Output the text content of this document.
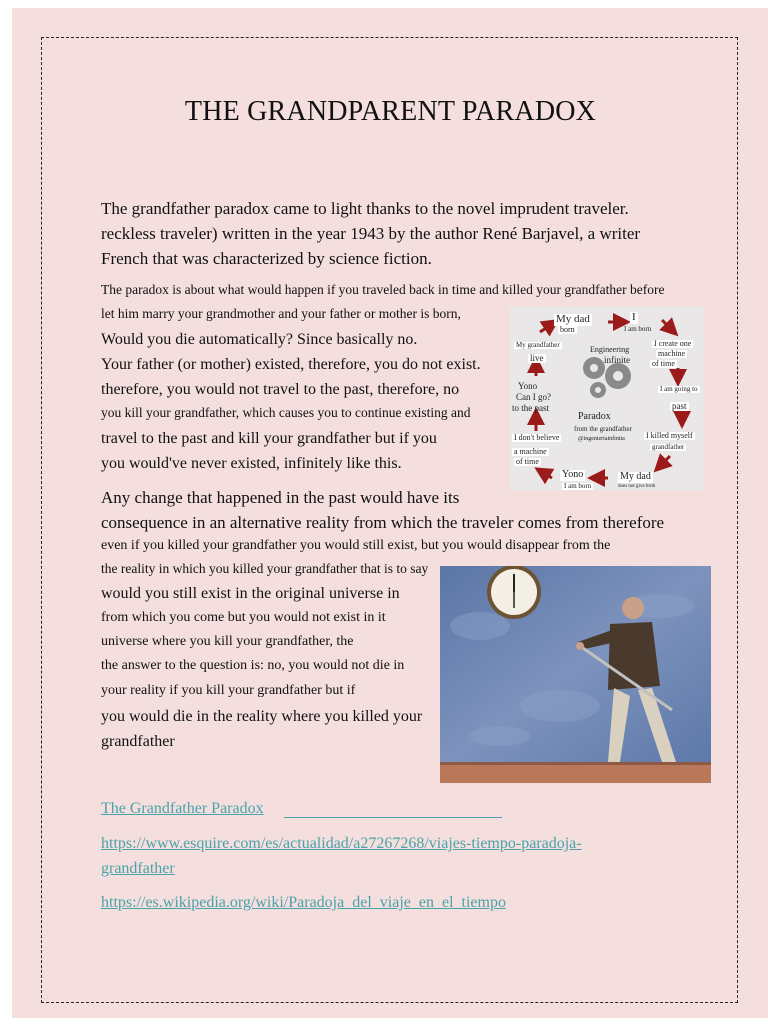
THE GRANDPARENT PARADOX
The grandfather paradox came to light thanks to the novel imprudent traveler.
reckless traveler) written in the year 1943 by the author René Barjavel, a writer
French that was characterized by science fiction.
The paradox is about what would happen if you traveled back in time and killed your grandfather before
let him marry your grandmother and your father or mother is born,
Would you die automatically? Since basically no.
Your father (or mother) existed, therefore, you do not exist.
therefore, you would not travel to the past, therefore, no
you kill your grandfather, which causes you to continue existing and
travel to the past and kill your grandfather but if you
you would've never existed, infinitely like this.
Any change that happened in the past would have its
consequence in an alternative reality from which the traveler comes from therefore
even if you killed your grandfather you would still exist, but you would disappear from the
the reality in which you killed your grandfather that is to say
would you still exist in the original universe in
from which you come but you would not exist in it
universe where you kill your grandfather, the
the answer to the question is: no, you would not die in
your reality if you kill your grandfather but if
you would die in the reality where you killed your
grandfather
My dad
born
I
I am born
My grandfather
live
Engineering
infinite
I create one
machine
of time
Yono
Can I go?
to the past
I am going to
past
Paradox
from the grandfather
@ingenieriainfinita
I don't believe
a machine
of time
I killed myself
grandfather
Yono
I am born
My dad
does not give birth
The Grandfather Paradox
https://www.esquire.com/es/actualidad/a27267268/viajes-tiempo-paradoja-
grandfather
https://es.wikipedia.org/wiki/Paradoja_del_viaje_en_el_tiempo
